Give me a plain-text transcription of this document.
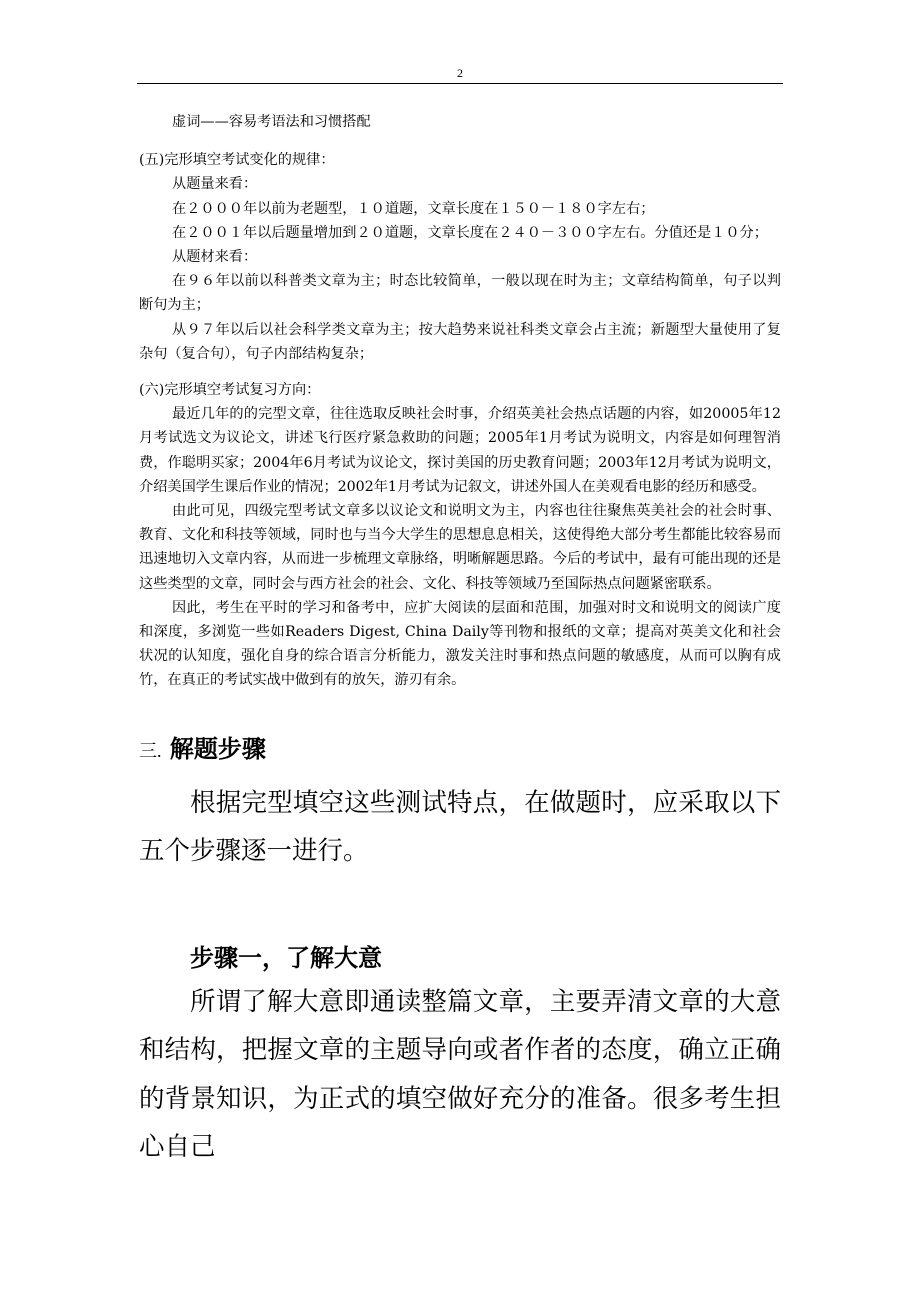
2

虚词——容易考语法和习惯搭配

(五)完形填空考试变化的规律：

从题量来看：

在２０００年以前为老题型，１０道题，文章长度在１５０－１８０字左右；

在２００１年以后题量增加到２０道题，文章长度在２４０－３００字左右。分值还是１０分；

从题材来看：

在９６年以前以科普类文章为主；时态比较简单，一般以现在时为主；文章结构简单，句子以判断句为主；

从９７年以后以社会科学类文章为主；按大趋势来说社科类文章会占主流；新题型大量使用了复杂句（复合句），句子内部结构复杂；

(六)完形填空考试复习方向：

最近几年的的完型文章，往往选取反映社会时事，介绍英美社会热点话题的内容，如20005年12月考试选文为议论文，讲述飞行医疗紧急救助的问题；2005年1月考试为说明文，内容是如何理智消费，作聪明买家；2004年6月考试为议论文，探讨美国的历史教育问题；2003年12月考试为说明文，介绍美国学生课后作业的情况；2002年1月考试为记叙文，讲述外国人在美观看电影的经历和感受。

由此可见，四级完型考试文章多以议论文和说明文为主，内容也往往聚焦英美社会的社会时事、教育、文化和科技等领域，同时也与当今大学生的思想息息相关，这使得绝大部分考生都能比较容易而迅速地切入文章内容，从而进一步梳理文章脉络，明晰解题思路。今后的考试中，最有可能出现的还是这些类型的文章，同时会与西方社会的社会、文化、科技等领域乃至国际热点问题紧密联系。

因此，考生在平时的学习和备考中，应扩大阅读的层面和范围，加强对时文和说明文的阅读广度和深度，多浏览一些如Readers Digest, China Daily等刊物和报纸的文章；提高对英美文化和社会状况的认知度，强化自身的综合语言分析能力，激发关注时事和热点问题的敏感度，从而可以胸有成竹，在真正的考试实战中做到有的放矢，游刃有余。

三. 解题步骤

根据完型填空这些测试特点，在做题时，应采取以下五个步骤逐一进行。

步骤一，了解大意

所谓了解大意即通读整篇文章，主要弄清文章的大意和结构，把握文章的主题导向或者作者的态度，确立正确的背景知识，为正式的填空做好充分的准备。很多考生担心自己
